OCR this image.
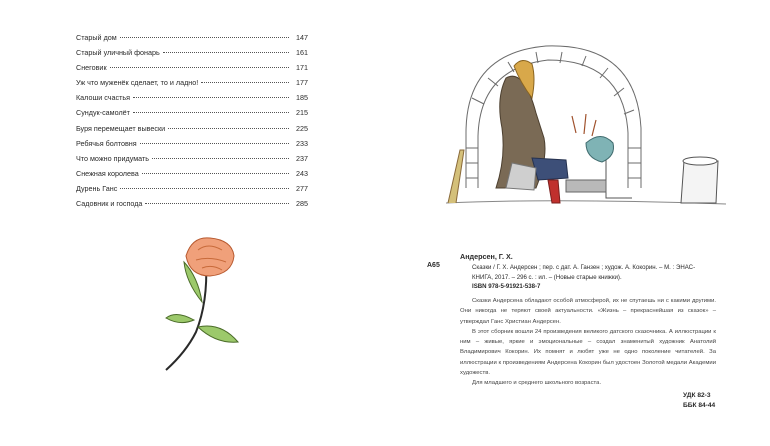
Старый дом	147
Старый уличный фонарь	161
Снеговик	171
Уж что муженёк сделает, то и ладно!	177
Калоши счастья	185
Сундук-самолёт	215
Буря перемещает вывески	225
Ребячья болтовня	233
Что можно придумать	237
Снежная королева	243
Дурень Ганс	277
Садовник и господа	285
А65
Андерсен, Г. Х.
Сказки / Г. Х. Андерсен ; пер. с дат. А. Ганзен ; худож. А. Кокорин. – М. : ЭНАС-КНИГА, 2017. – 296 с. : ил. – (Новые старые книжки).
ISBN 978-5-91921-538-7

Сказки Андерсена обладают особой атмосферой, их не спутаешь ни с какими другими. Они никогда не теряют своей актуальности. «Жизнь – прекраснейшая из сказок» – утверждал Ганс Христиан Андерсен.

В этот сборник вошли 24 произведения великого датского сказочника. А иллюстрации к ним – живые, яркие и эмоциональные – создал знаменитый художник Анатолий Владимирович Кокорин. Их помнят и любят уже не одно поколение читателей. За иллюстрации к произведениям Андерсена Кокорин был удостоен Золотой медали Академии художеств.

Для младшего и среднего школьного возраста.

УДК 82-3
ББК 84-44
